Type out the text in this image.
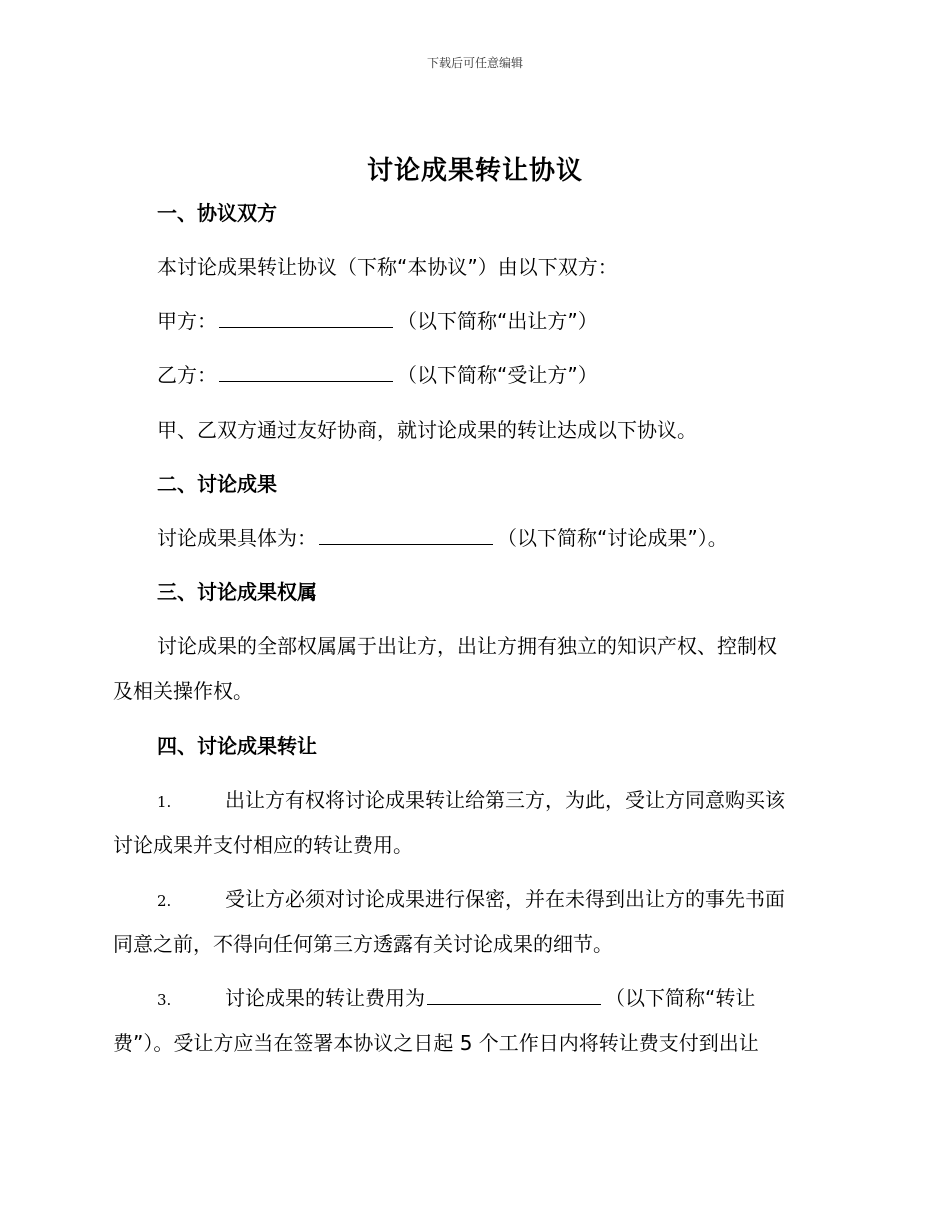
下载后可任意编辑
讨论成果转让协议
一、协议双方
本讨论成果转让协议（下称“本协议”）由以下双方：
甲方：	（以下简称“出让方”）
乙方：	（以下简称“受让方”）
甲、乙双方通过友好协商，就讨论成果的转让达成以下协议。
二、讨论成果
讨论成果具体为：	（以下简称“讨论成果”）。
三、讨论成果权属
讨论成果的全部权属属于出让方，出让方拥有独立的知识产权、控制权
及相关操作权。
四、讨论成果转让
1.	出让方有权将讨论成果转让给第三方，为此，受让方同意购买该
讨论成果并支付相应的转让费用。
2.	受让方必须对讨论成果进行保密，并在未得到出让方的事先书面
同意之前，不得向任何第三方透露有关讨论成果的细节。
3.	讨论成果的转让费用为	（以下简称“转让
费”）。受让方应当在签署本协议之日起 5 个工作日内将转让费支付到出让
